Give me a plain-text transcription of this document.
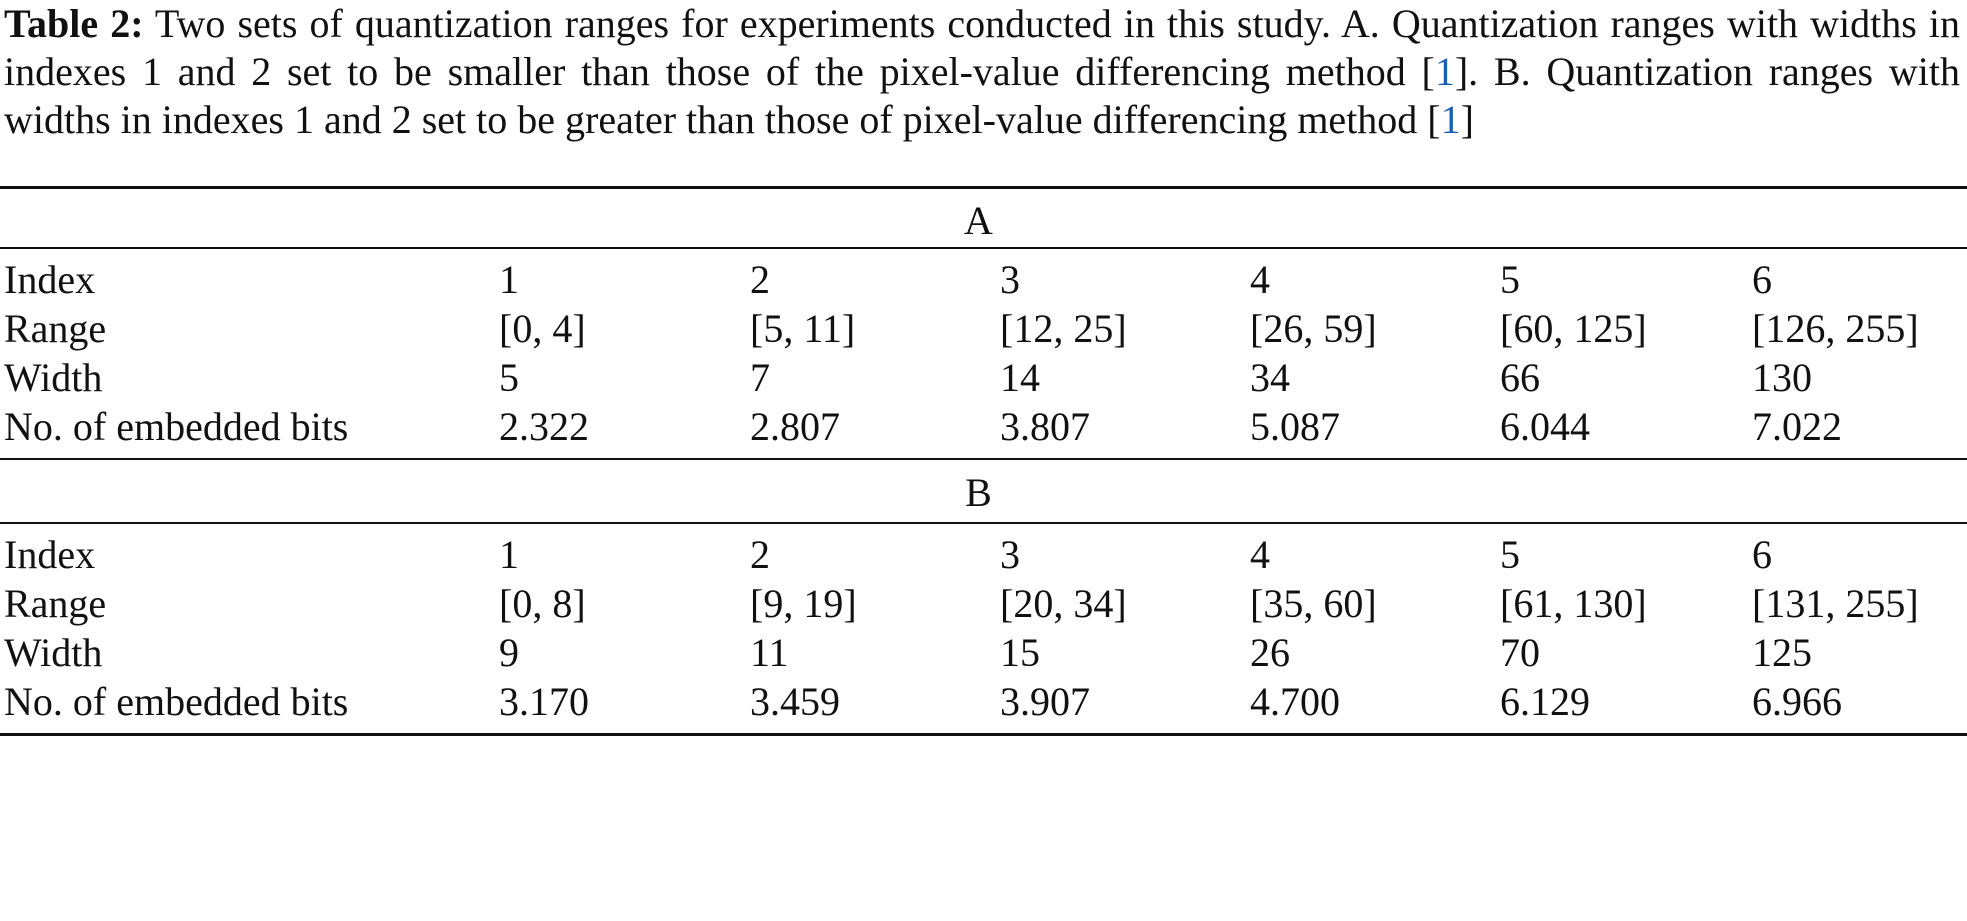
Table 2: Two sets of quantization ranges for experiments conducted in this study. A. Quantization ranges with widths in indexes 1 and 2 set to be smaller than those of the pixel-value differencing method [1]. B. Quantization ranges with widths in indexes 1 and 2 set to be greater than those of pixel-value differencing method [1]

A
Index	1	2	3	4	5	6
Range	[0, 4]	[5, 11]	[12, 25]	[26, 59]	[60, 125]	[126, 255]
Width	5	7	14	34	66	130
No. of embedded bits	2.322	2.807	3.807	5.087	6.044	7.022
B
Index	1	2	3	4	5	6
Range	[0, 8]	[9, 19]	[20, 34]	[35, 60]	[61, 130]	[131, 255]
Width	9	11	15	26	70	125
No. of embedded bits	3.170	3.459	3.907	4.700	6.129	6.966
